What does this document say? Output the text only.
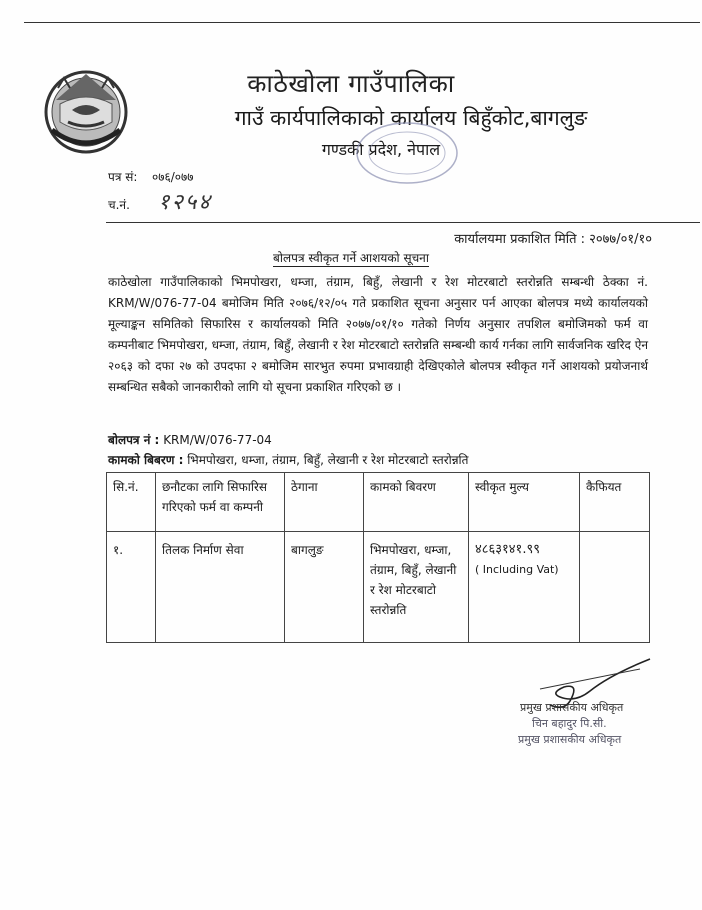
काठेखोला गाउँपालिका
गाउँ कार्यपालिकाको कार्यालय बिहुँकोट,बागलुङ
गण्डकी प्रदेश, नेपाल
पत्र सं: ०७६/०७७
च.नं. १२५४
कार्यालयमा प्रकाशित मिति : २०७७/०१/१०
बोलपत्र स्वीकृत गर्ने आशयको सूचना
काठेखोला गाउँपालिकाको भिमपोखरा, धम्जा, तंग्राम, बिहुँ, लेखानी र रेश मोटरबाटो स्तरोन्नति सम्बन्धी ठेक्का नं. KRM/W/076-77-04 बमोजिम मिति २०७६/१२/०५ गते प्रकाशित सूचना अनुसार पर्न आएका बोलपत्र मध्ये कार्यालयको मूल्याङ्कन समितिको सिफारिस र कार्यालयको मिति २०७७/०१/१० गतेको निर्णय अनुसार तपशिल बमोजिमको फर्म वा कम्पनीबाट भिमपोखरा, धम्जा, तंग्राम, बिहुँ, लेखानी र रेश मोटरबाटो स्तरोन्नति सम्बन्धी कार्य गर्नका लागि सार्वजनिक खरिद ऐन २०६३ को दफा २७ को उपदफा २ बमोजिम सारभुत रुपमा प्रभावग्राही देखिएकोले बोलपत्र स्वीकृत गर्ने आशयको प्रयोजनार्थ सम्बन्धित सबैको जानकारीको लागि यो सूचना प्रकाशित गरिएको छ ।
बोलपत्र नं : KRM/W/076-77-04
कामको बिबरण : भिमपोखरा, धम्जा, तंग्राम, बिहुँ, लेखानी र रेश मोटरबाटो स्तरोन्नति
सि.नं.	छनौटका लागि सिफारिस गरिएको फर्म वा कम्पनी	ठेगाना	कामको बिवरण	स्वीकृत मुल्य	कैफियत
१.	तिलक निर्माण सेवा	बागलुङ	भिमपोखरा, धम्जा, तंग्राम, बिहुँ, लेखानी र रेश मोटरबाटो स्तरोन्नति	४८६३१४१.९९
( Including Vat)	

प्रमुख प्रशासकीय अधिकृत
चिन बहादुर पि.सी.
प्रमुख प्रशासकीय अधिकृत
